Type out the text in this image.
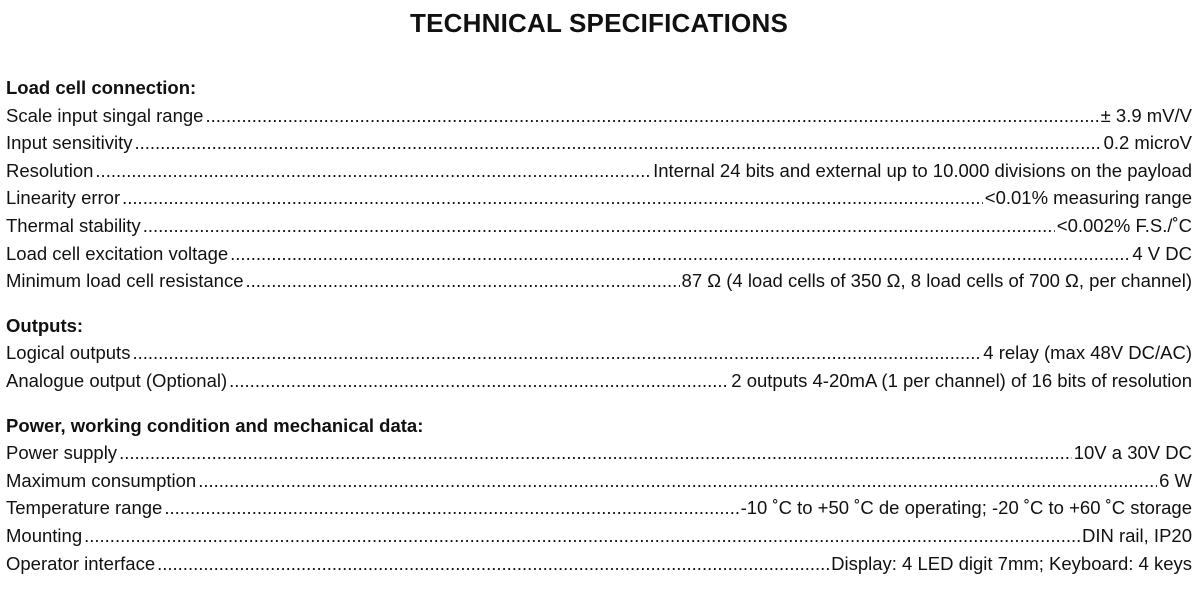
TECHNICAL SPECIFICATIONS
Load cell connection:
Scale input singal range .....	± 3.9 mV/V
Input sensitivity .....	0.2 microV
Resolution .....	Internal 24 bits and external up to 10.000 divisions on the payload
Linearity error .....	<0.01% measuring range
Thermal stability .....	<0.002% F.S./˚C
Load cell excitation voltage .....	4 V DC
Minimum load cell resistance .....	87 Ω (4 load cells of 350 Ω, 8 load cells of 700 Ω, per channel)
Outputs:
Logical outputs .....	4 relay (max 48V DC/AC)
Analogue output (Optional) .....	2 outputs 4-20mA (1 per channel) of 16 bits of resolution
Power, working condition and mechanical data:
Power supply .....	10V a 30V DC
Maximum consumption .....	6 W
Temperature range .....	-10 ˚C to +50 ˚C de operating; -20 ˚C to +60 ˚C storage
Mounting .....	DIN rail, IP20
Operator interface .....	Display: 4 LED digit 7mm; Keyboard: 4 keys
